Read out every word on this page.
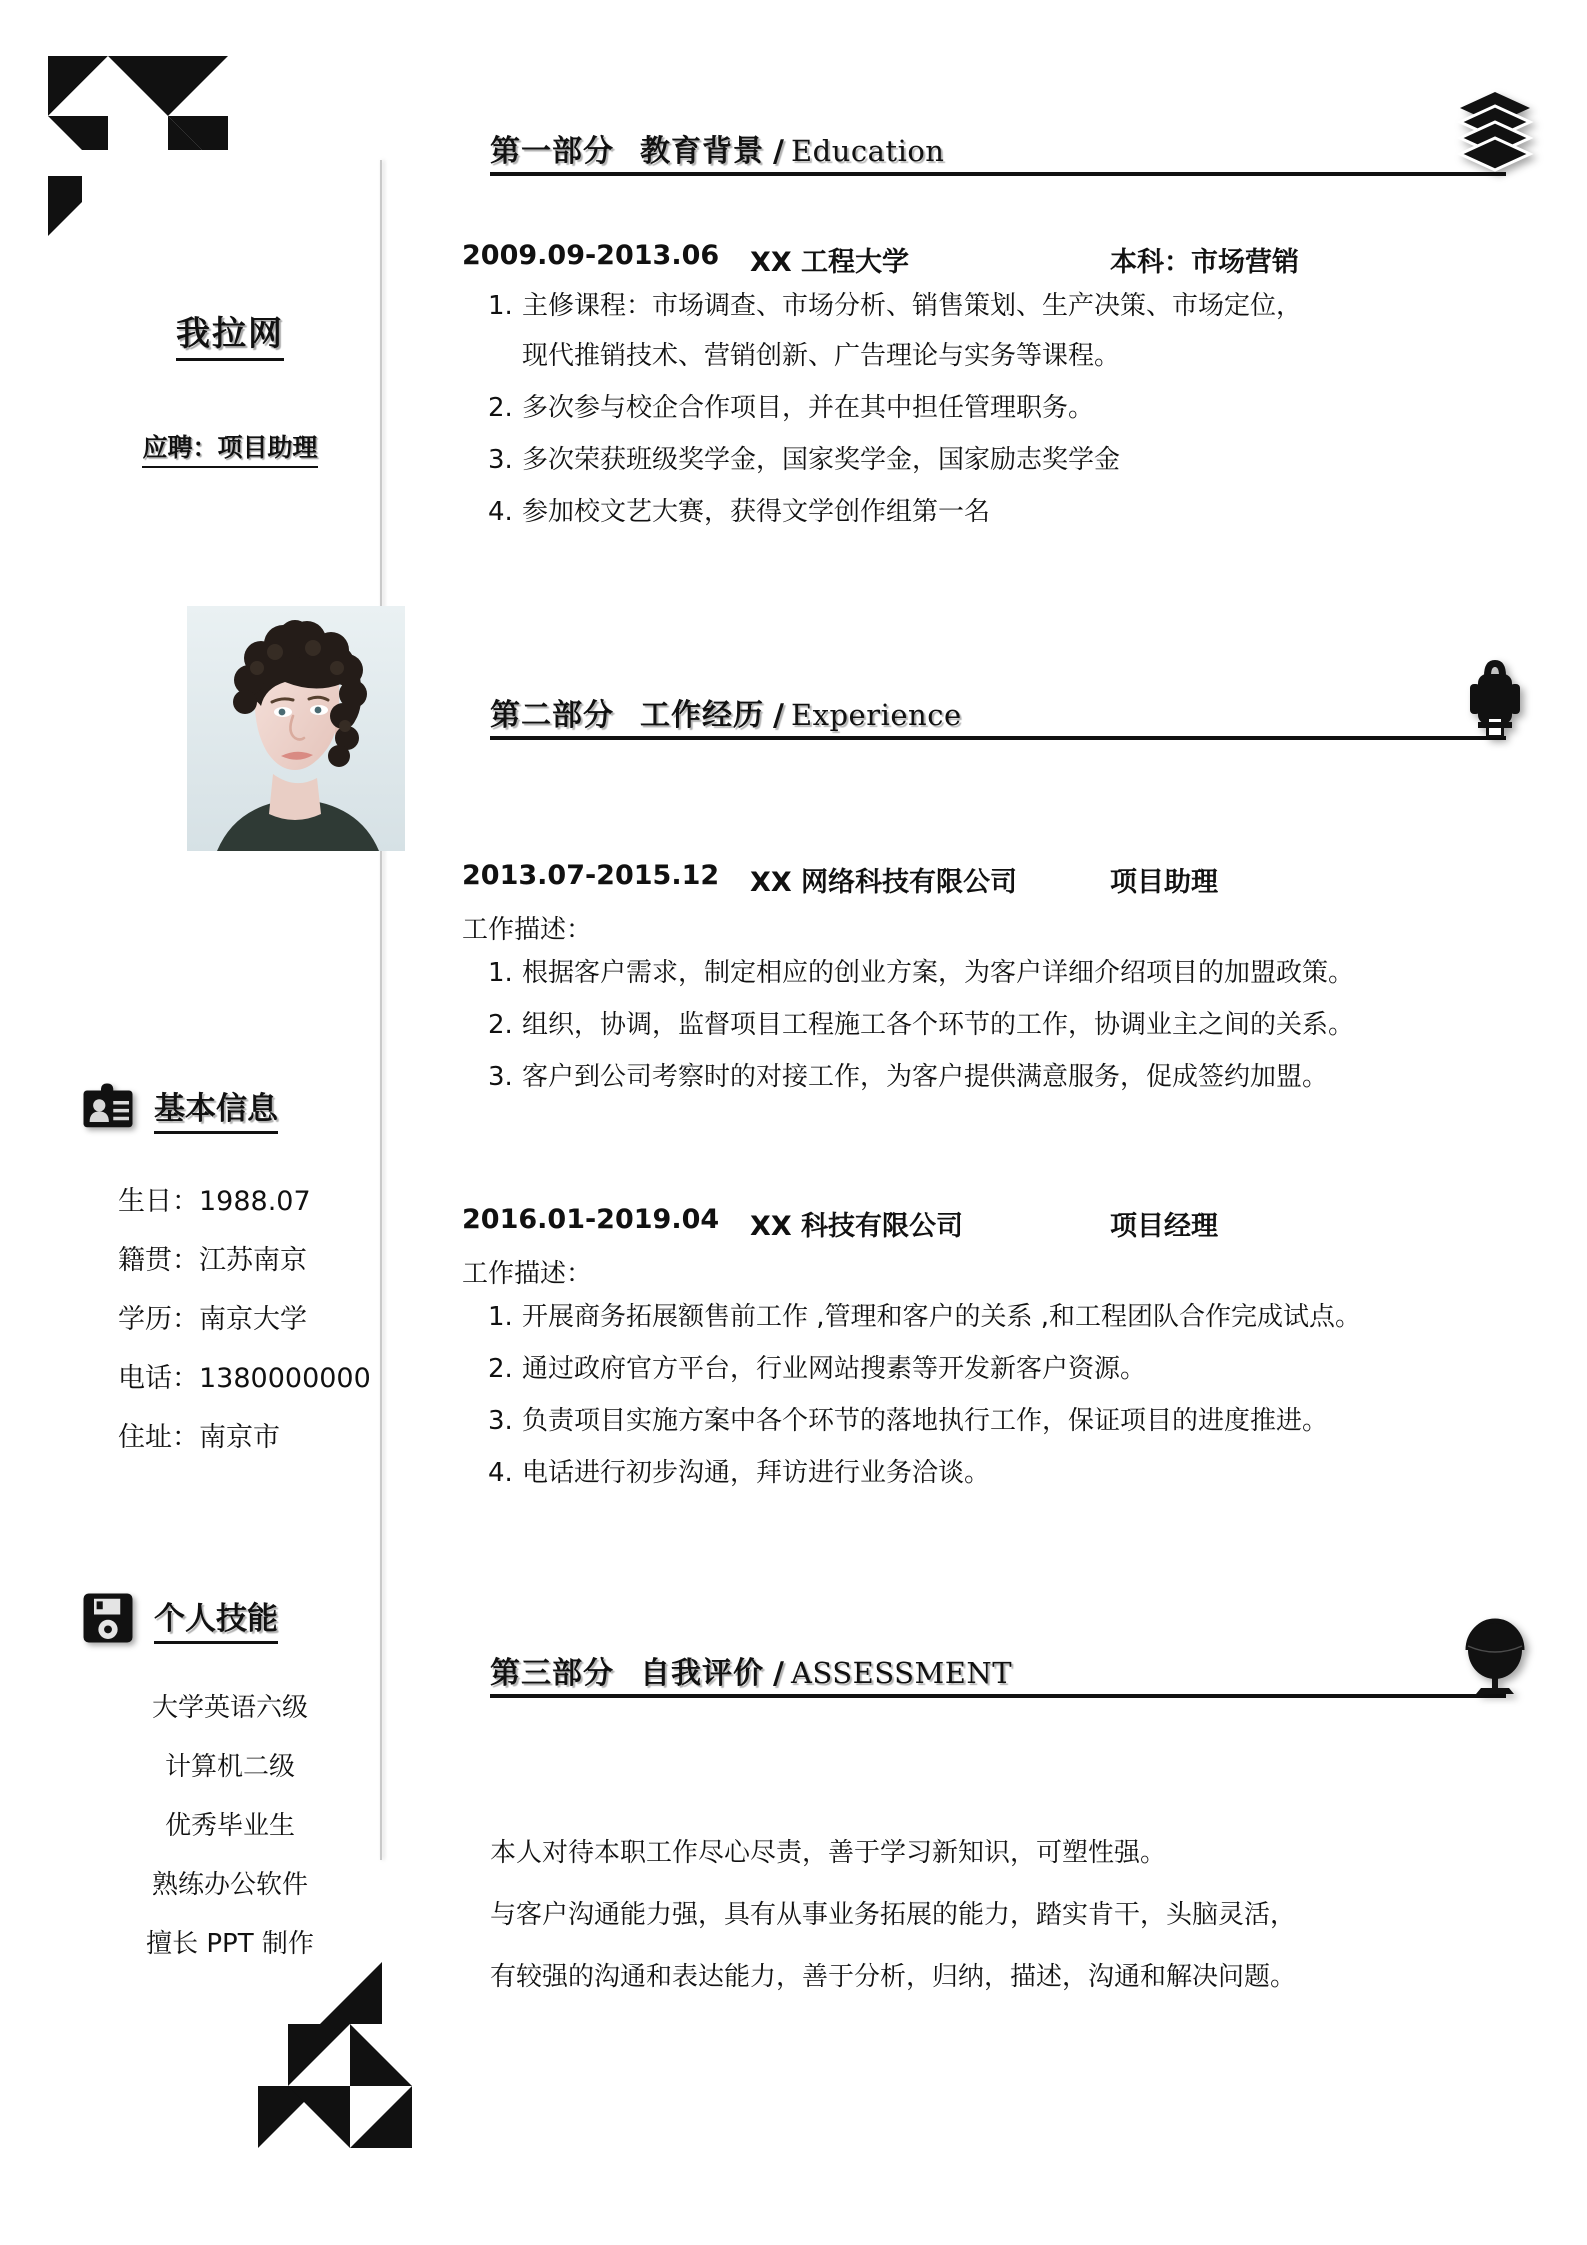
我拉网
应聘：项目助理
基本信息
生日：1988.07
籍贯：江苏南京
学历：南京大学
电话：1380000000
住址：南京市
个人技能
大学英语六级
计算机二级
优秀毕业生
熟练办公软件
擅长 PPT 制作
第一部分 教育背景 / Education
2009.09-2013.06	XX 工程大学	本科：市场营销
1. 主修课程：市场调查、市场分析、销售策划、生产决策、市场定位，
现代推销技术、营销创新、广告理论与实务等课程。
2. 多次参与校企合作项目，并在其中担任管理职务。
3. 多次荣获班级奖学金，国家奖学金，国家励志奖学金
4. 参加校文艺大赛，获得文学创作组第一名
第二部分 工作经历 / Experience
2013.07-2015.12	XX 网络科技有限公司	项目助理
工作描述：
1. 根据客户需求，制定相应的创业方案，为客户详细介绍项目的加盟政策。
2. 组织，协调，监督项目工程施工各个环节的工作，协调业主之间的关系。
3. 客户到公司考察时的对接工作，为客户提供满意服务，促成签约加盟。
2016.01-2019.04	XX 科技有限公司	项目经理
工作描述：
1. 开展商务拓展额售前工作 ,管理和客户的关系 ,和工程团队合作完成试点。
2. 通过政府官方平台，行业网站搜素等开发新客户资源。
3. 负责项目实施方案中各个环节的落地执行工作，保证项目的进度推进。
4. 电话进行初步沟通，拜访进行业务洽谈。
第三部分 自我评价 / ASSESSMENT

本人对待本职工作尽心尽责，善于学习新知识，可塑性强。

与客户沟通能力强，具有从事业务拓展的能力，踏实肯干，头脑灵活，

有较强的沟通和表达能力，善于分析，归纳，描述，沟通和解决问题。
